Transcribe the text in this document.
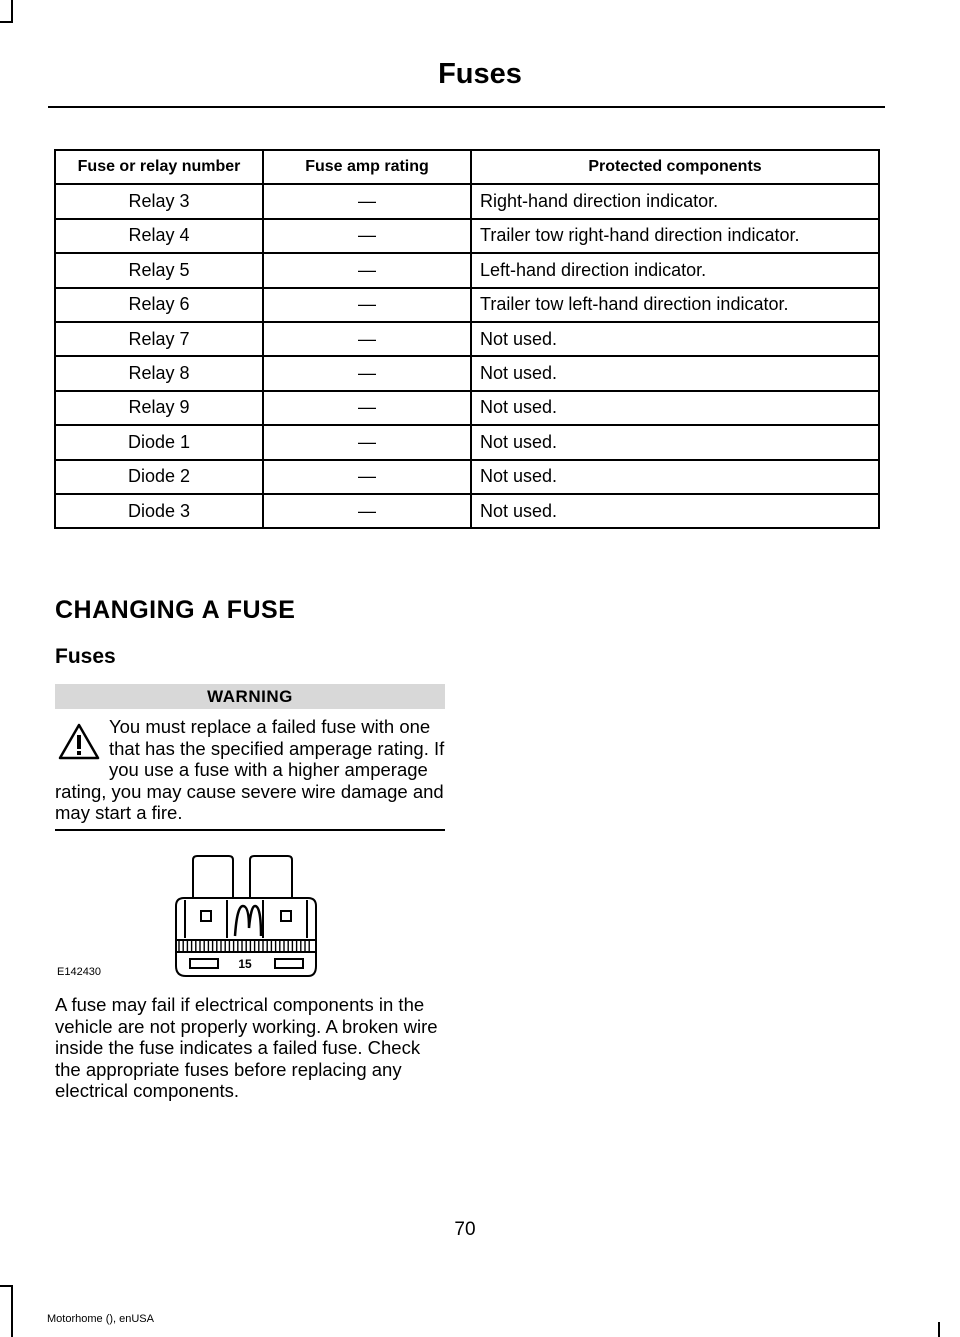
Fuses
Fuse or relay number	Fuse amp rating	Protected components
Relay 3	—	Right-hand direction indicator.
Relay 4	—	Trailer tow right-hand direction indicator.
Relay 5	—	Left-hand direction indicator.
Relay 6	—	Trailer tow left-hand direction indicator.
Relay 7	—	Not used.
Relay 8	—	Not used.
Relay 9	—	Not used.
Diode 1	—	Not used.
Diode 2	—	Not used.
Diode 3	—	Not used.
CHANGING A FUSE
Fuses
WARNING

You must replace a failed fuse with one that has the specified amperage rating. If you use a fuse with a higher amperage rating, you may cause severe wire damage and may start a fire.

15
E142430

A fuse may fail if electrical components in the vehicle are not properly working. A broken wire inside the fuse indicates a failed fuse. Check the appropriate fuses before replacing any electrical components.

70
Motorhome (), enUSA
